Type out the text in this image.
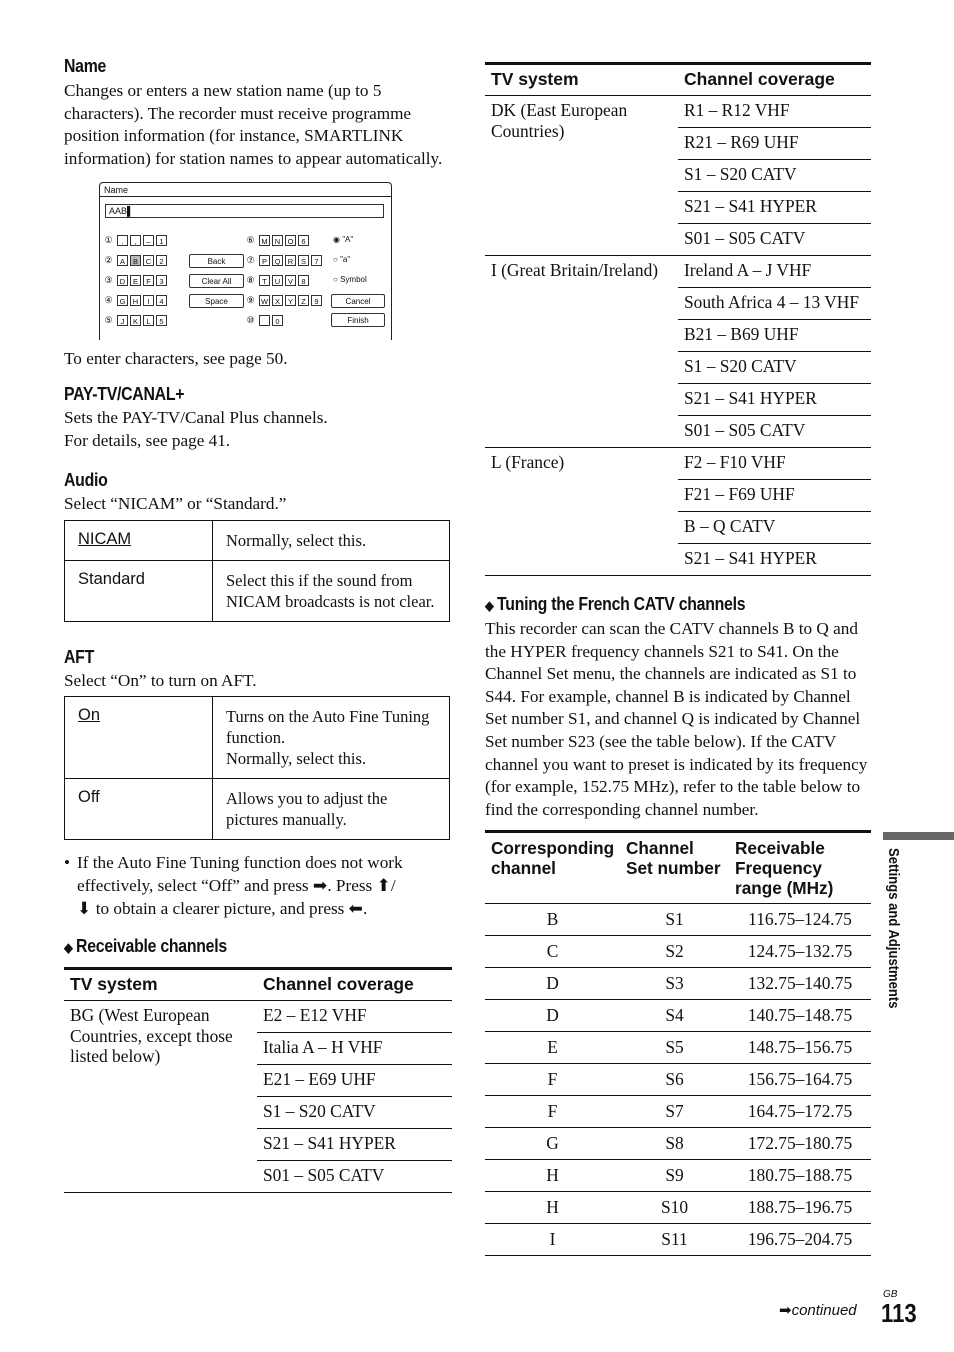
Name

Changes or enters a new station name (up to 5 characters). The recorder must receive programme position information (for instance, SMARTLINK information) for station names to appear automatically.

Name
AAB▌
①	.	,	–	1
② A	B	C	2
③ D	E	F	3
④ G H	I	4
⑤	J	K	L	5
⑥ M N O	6
⑦ P	Q R	S	7
⑧	T	U	V	8
⑨ W X	Y	Z	9
⑩	_	0
Back
Clear All
Space
◉ "A"
○ "a"
○ Symbol
Cancel
Finish

To enter characters, see page 50.

PAY-TV/CANAL+

Sets the PAY-TV/Canal Plus channels.

For details, see page 41.

Audio

Select “NICAM” or “Standard.”

NICAM	Normally, select this.
Standard	Select this if the sound from NICAM broadcasts is not clear.
AFT

Select “On” to turn on AFT.

On	Turns on the Auto Fine Tuning function.
Normally, select this.

Off	Allows you to adjust the pictures manually.
• If the Auto Fine Tuning function does not work effectively, select “Off” and press ➡. Press ⬆/
⬇ to obtain a clearer picture, and press ⬅.
◆ Receivable channels
TV system	Channel coverage
BG (West European Countries, except those listed below)	E2 – E12 VHF
	Italia A – H VHF
	E21 – E69 UHF
	S1 – S20 CATV
	S21 – S41 HYPER
	S01 – S05 CATV
TV system	Channel coverage
DK (East European Countries)	R1 – R12 VHF
	R21 – R69 UHF
	S1 – S20 CATV
	S21 – S41 HYPER
	S01 – S05 CATV
I (Great Britain/Ireland)	Ireland A – J VHF
	South Africa 4 – 13 VHF
	B21 – B69 UHF
	S1 – S20 CATV
	S21 – S41 HYPER
	S01 – S05 CATV
L (France)	F2 – F10 VHF
	F21 – F69 UHF
	B – Q CATV
	S21 – S41 HYPER
◆ Tuning the French CATV channels

This recorder can scan the CATV channels B to Q and the HYPER frequency channels S21 to S41. On the Channel Set menu, the channels are indicated as S1 to S44. For example, channel B is indicated by Channel Set number S1, and channel Q is indicated by Channel Set number S23 (see the table below). If the CATV channel you want to preset is indicated by its frequency (for example, 152.75 MHz), refer to the table below to find the corresponding channel number.

Corresponding channel	Channel Set number	Receivable Frequency range (MHz)
B	S1	116.75–124.75
C	S2	124.75–132.75
D	S3	132.75–140.75
D	S4	140.75–148.75
E	S5	148.75–156.75
F	S6	156.75–164.75
F	S7	164.75–172.75
G	S8	172.75–180.75
H	S9	180.75–188.75
H	S10	188.75–196.75
I	S11	196.75–204.75
Settings and Adjustments
➡continued
GB
113
